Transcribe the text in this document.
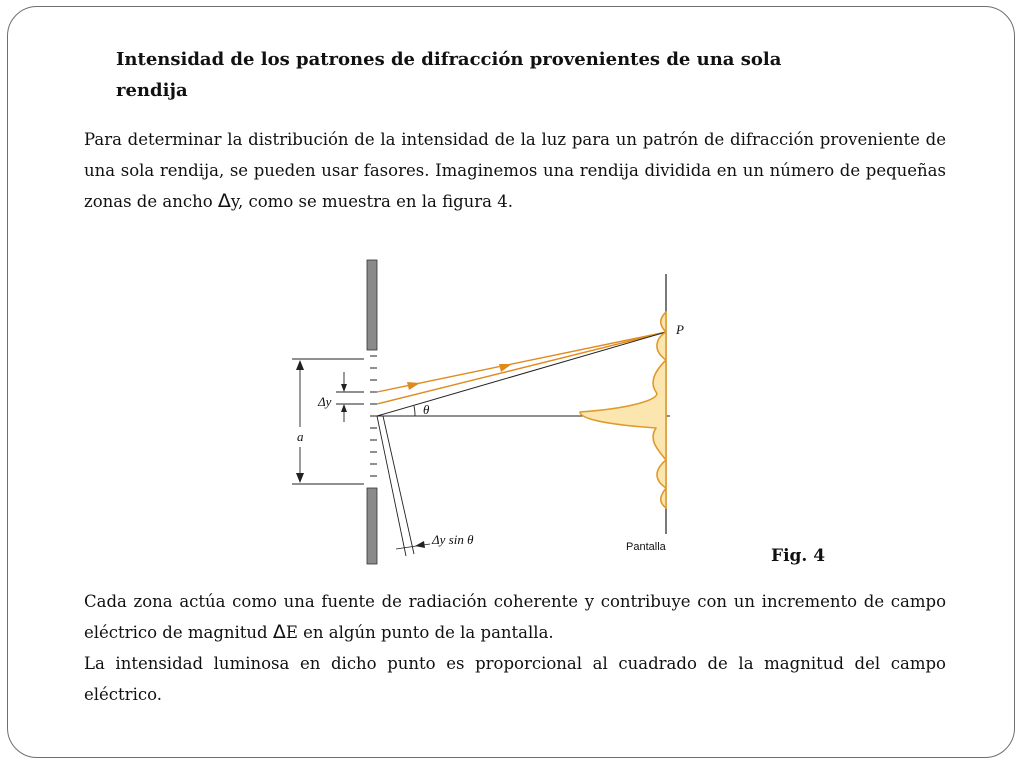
Intensidad de los patrones de difracción provenientes de una sola rendija
Para determinar la distribución de la intensidad de la luz para un patrón de difracción proveniente de una sola rendija, se pueden usar fasores. Imaginemos una rendija dividida en un número de pequeñas zonas de ancho Δy, como se muestra en la figura 4.
a
Δy
θ
P
Pantalla
Δy sin θ
Fig. 4
Cada zona actúa como una fuente de radiación coherente y contribuye con un incremento de campo eléctrico de magnitud ΔE en algún punto de la pantalla.
La intensidad luminosa en dicho punto es proporcional al cuadrado de la magnitud del campo eléctrico.
